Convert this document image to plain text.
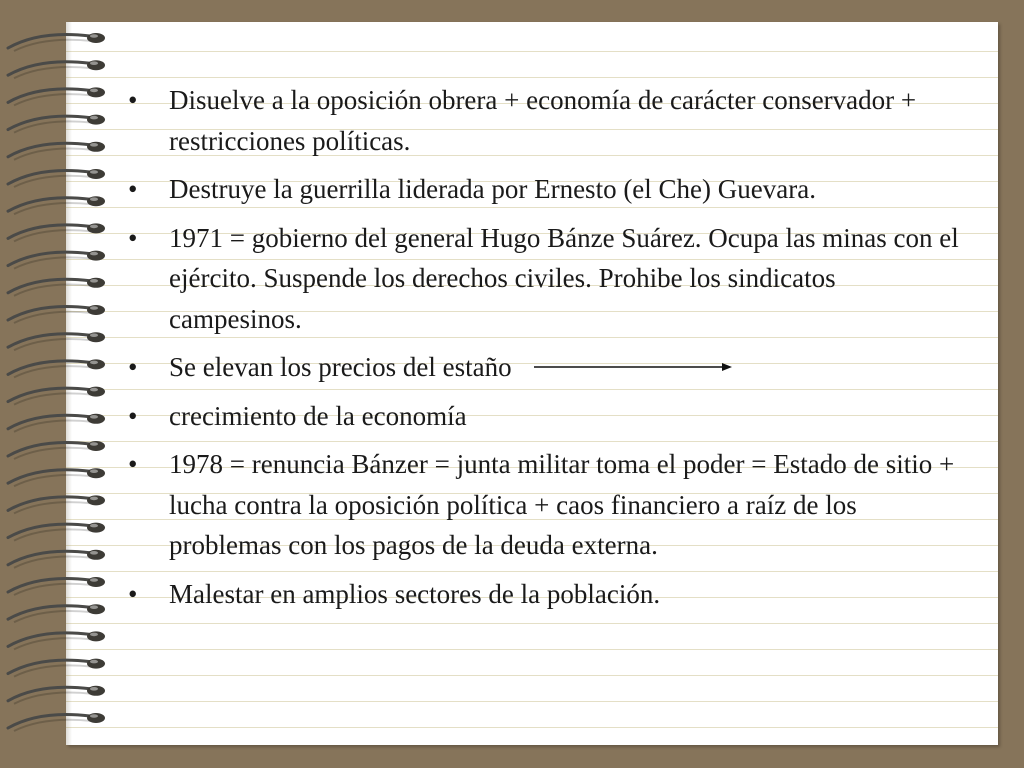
• Disuelve a la oposición obrera + economía de carácter conservador + restricciones políticas.
• Destruye la guerrilla liderada por Ernesto (el Che) Guevara.
• 1971 = gobierno del general Hugo Bánze Suárez. Ocupa las minas con el ejército. Suspende los derechos civiles. Prohibe los sindicatos campesinos.
• Se elevan los precios del estaño
• crecimiento de la economía
• 1978 = renuncia Bánzer = junta militar toma el poder = Estado de sitio + lucha contra la oposición política + caos financiero a raíz de los problemas con los pagos de la deuda externa.
• Malestar en amplios sectores de la población.
